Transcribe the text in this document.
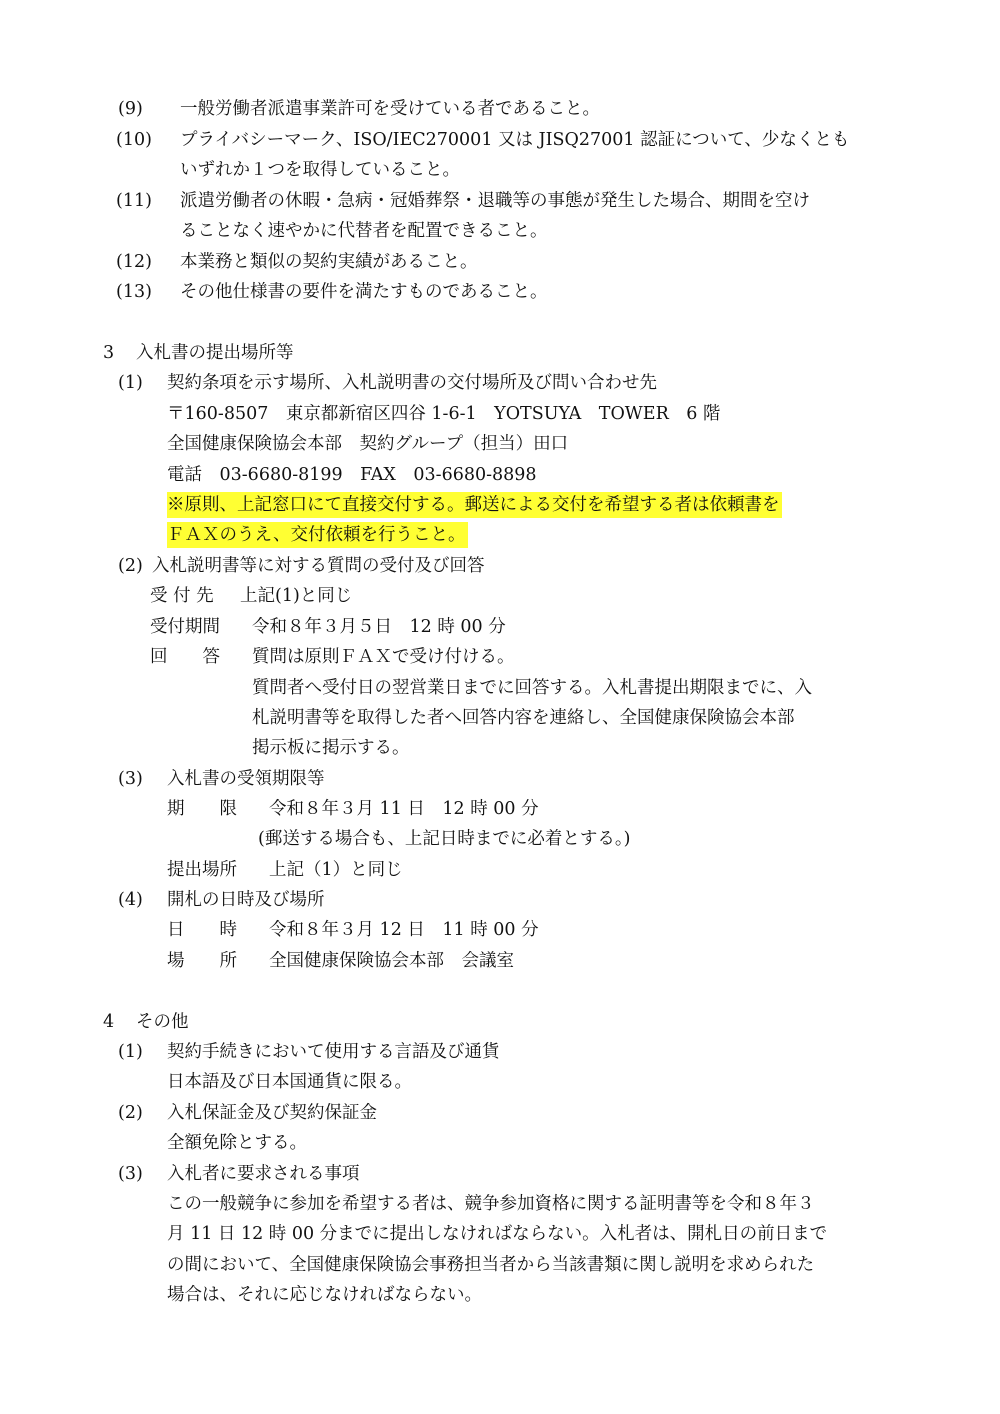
(9) 一般労働者派遣事業許可を受けている者であること。
(10) プライバシーマーク、ISO/IEC270001 又は JISQ27001 認証について、少なくとも
いずれか１つを取得していること。
(11) 派遣労働者の休暇・急病・冠婚葬祭・退職等の事態が発生した場合、期間を空け
ることなく速やかに代替者を配置できること。
(12) 本業務と類似の契約実績があること。
(13) その他仕様書の要件を満たすものであること。
3 入札書の提出場所等
(1) 契約条項を示す場所、入札説明書の交付場所及び問い合わせ先
〒160-8507　東京都新宿区四谷 1-6-1　YOTSUYA　TOWER　6 階
全国健康保険協会本部　契約グループ（担当）田口
電話　03-6680-8199　FAX　03-6680-8898
※原則、上記窓口にて直接交付する。郵送による交付を希望する者は依頼書を
ＦＡＸのうえ、交付依頼を行うこと。
(2) 入札説明書等に対する質問の受付及び回答
受 付 先 上記(1)と同じ
受付期間 令和８年３月５日　12 時 00 分
回　　答 質問は原則ＦＡＸで受け付ける。
質問者へ受付日の翌営業日までに回答する。入札書提出期限までに、入
札説明書等を取得した者へ回答内容を連絡し、全国健康保険協会本部
掲示板に掲示する。
(3) 入札書の受領期限等
期　　限 令和８年３月 11 日　12 時 00 分
(郵送する場合も、上記日時までに必着とする。)
提出場所 上記（1）と同じ
(4) 開札の日時及び場所
日　　時 令和８年３月 12 日　11 時 00 分
場　　所 全国健康保険協会本部　会議室
4 その他
(1) 契約手続きにおいて使用する言語及び通貨
日本語及び日本国通貨に限る。
(2) 入札保証金及び契約保証金
全額免除とする。
(3) 入札者に要求される事項
この一般競争に参加を希望する者は、競争参加資格に関する証明書等を令和８年３
月 11 日 12 時 00 分までに提出しなければならない。入札者は、開札日の前日まで
の間において、全国健康保険協会事務担当者から当該書類に関し説明を求められた
場合は、それに応じなければならない。
